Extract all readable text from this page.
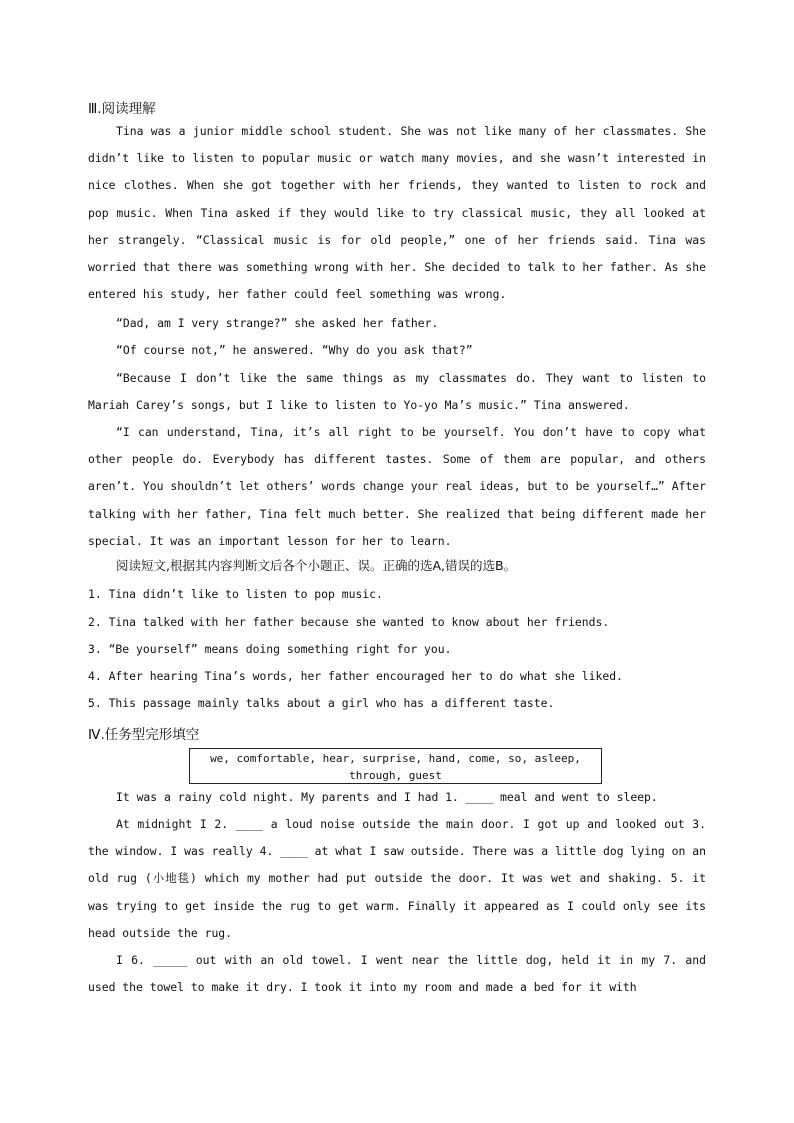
Ⅲ.阅读理解

Tina was a junior middle school student. She was not like many of her classmates. She didn’t like to listen to popular music or watch many movies, and she wasn’t interested in nice clothes. When she got together with her friends, they wanted to listen to rock and pop music. When Tina asked if they would like to try classical music, they all looked at her strangely. “Classical music is for old people,” one of her friends said. Tina was worried that there was something wrong with her. She decided to talk to her father. As she entered his study, her father could feel something was wrong.

“Dad, am I very strange?” she asked her father.

“Of course not,” he answered. “Why do you ask that?”

“Because I don’t like the same things as my classmates do. They want to listen to Mariah Carey’s songs, but I like to listen to Yo-yo Ma’s music.” Tina answered.

“I can understand, Tina, it’s all right to be yourself. You don’t have to copy what other people do. Everybody has different tastes. Some of them are popular, and others aren’t. You shouldn’t let others’ words change your real ideas, but to be yourself…” After talking with her father, Tina felt much better. She realized that being different made her special. It was an important lesson for her to learn.

阅读短文,根据其内容判断文后各个小题正、误。正确的选A,错误的选B。
1. Tina didn’t like to listen to pop music.
2. Tina talked with her father because she wanted to know about her friends.
3. “Be yourself” means doing something right for you.
4. After hearing Tina’s words, her father encouraged her to do what she liked.
5. This passage mainly talks about a girl who has a different taste.
Ⅳ.任务型完形填空
we, comfortable, hear, surprise, hand, come, so, asleep,
through, guest

It was a rainy cold night. My parents and I had 1. ____ meal and went to sleep.

At midnight I 2. ____ a loud noise outside the main door. I got up and looked out 3. the window. I was really 4. ____ at what I saw outside. There was a little dog lying on an old rug (小地毯) which my mother had put outside the door. It was wet and shaking. 5. it was trying to get inside the rug to get warm. Finally it appeared as I could only see its head outside the rug.

I 6. _____ out with an old towel. I went near the little dog, held it in my 7. and used the towel to make it dry. I took it into my room and made a bed for it with
